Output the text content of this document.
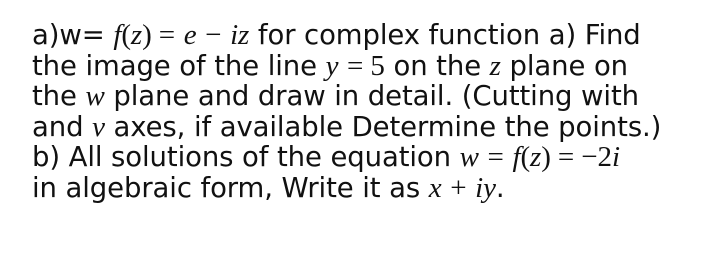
a)w= f(z) = e − iz for complex function a) Find
the image of the line y = 5 on the z plane on
the w plane and draw in detail. (Cutting with
and v axes, if available Determine the points.)
b) All solutions of the equation w = f(z) = −2i
in algebraic form, Write it as x + iy.
